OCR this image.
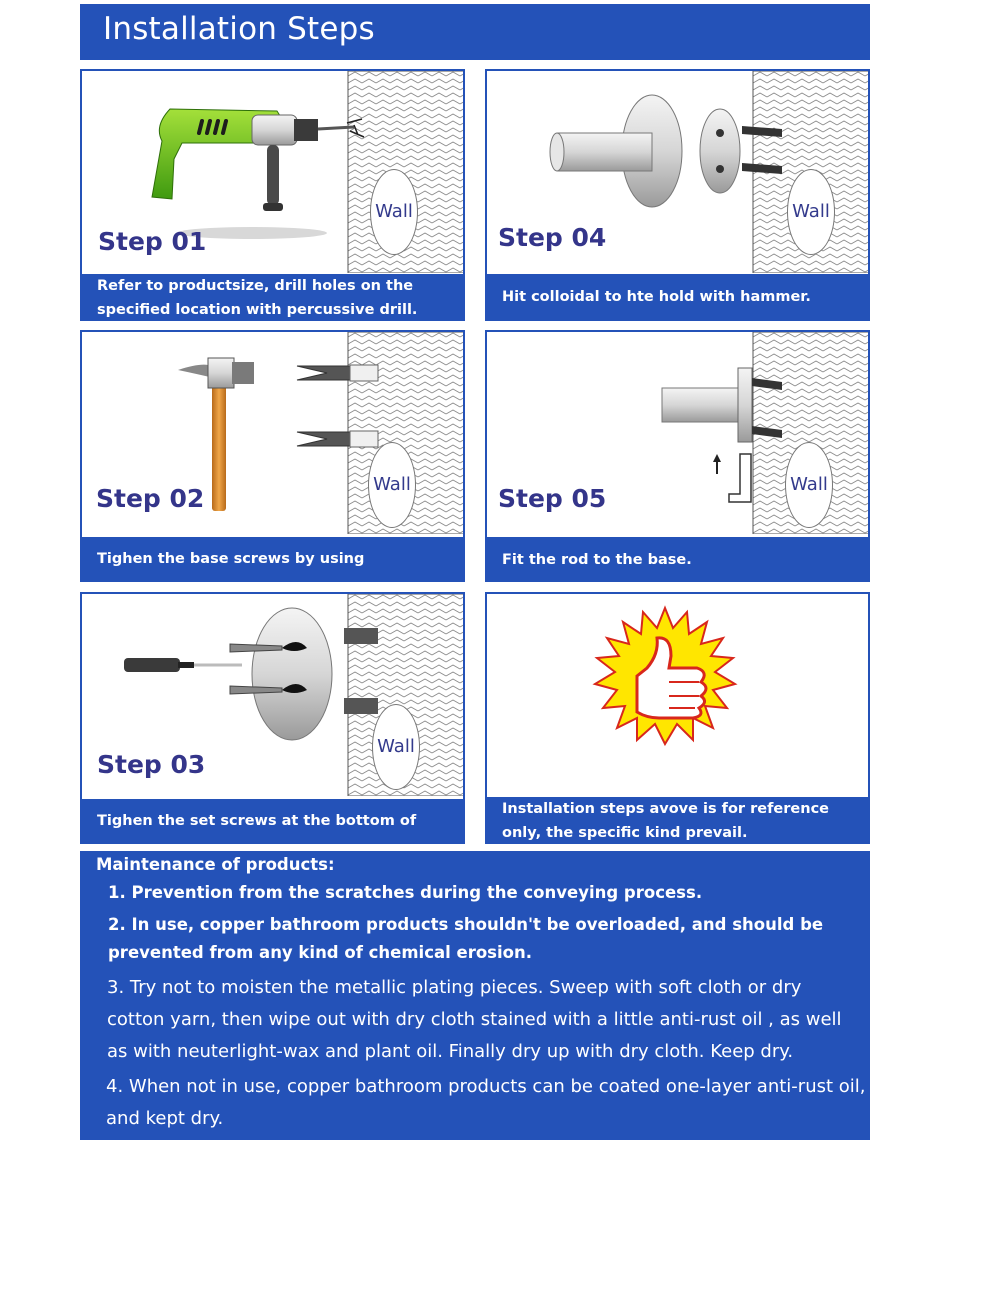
Installation Steps
Wall
Step 01
Refer to productsize, drill holes on the specified location with percussive drill.
Wall
Step 04
Hit colloidal to hte hold with hammer.
Wall
Step 02
Tighen the base screws by using
Wall
Step 05
Fit the rod to the base.
Wall
Step 03
Tighen the set screws at the bottom of
Installation steps avove is for reference only, the specific kind prevail.
Maintenance of products:

1. Prevention from the scratches during the conveying process.

2. In use, copper bathroom products shouldn't be overloaded, and should be prevented from any kind of chemical erosion.

3. Try not to moisten the metallic plating pieces. Sweep with soft cloth or dry cotton yarn, then wipe out with dry cloth stained with a little anti-rust oil , as well as with neuterlight-wax and plant oil. Finally dry up with dry cloth. Keep dry.

4. When not in use, copper bathroom products can be coated one-layer anti-rust oil, and kept dry.
